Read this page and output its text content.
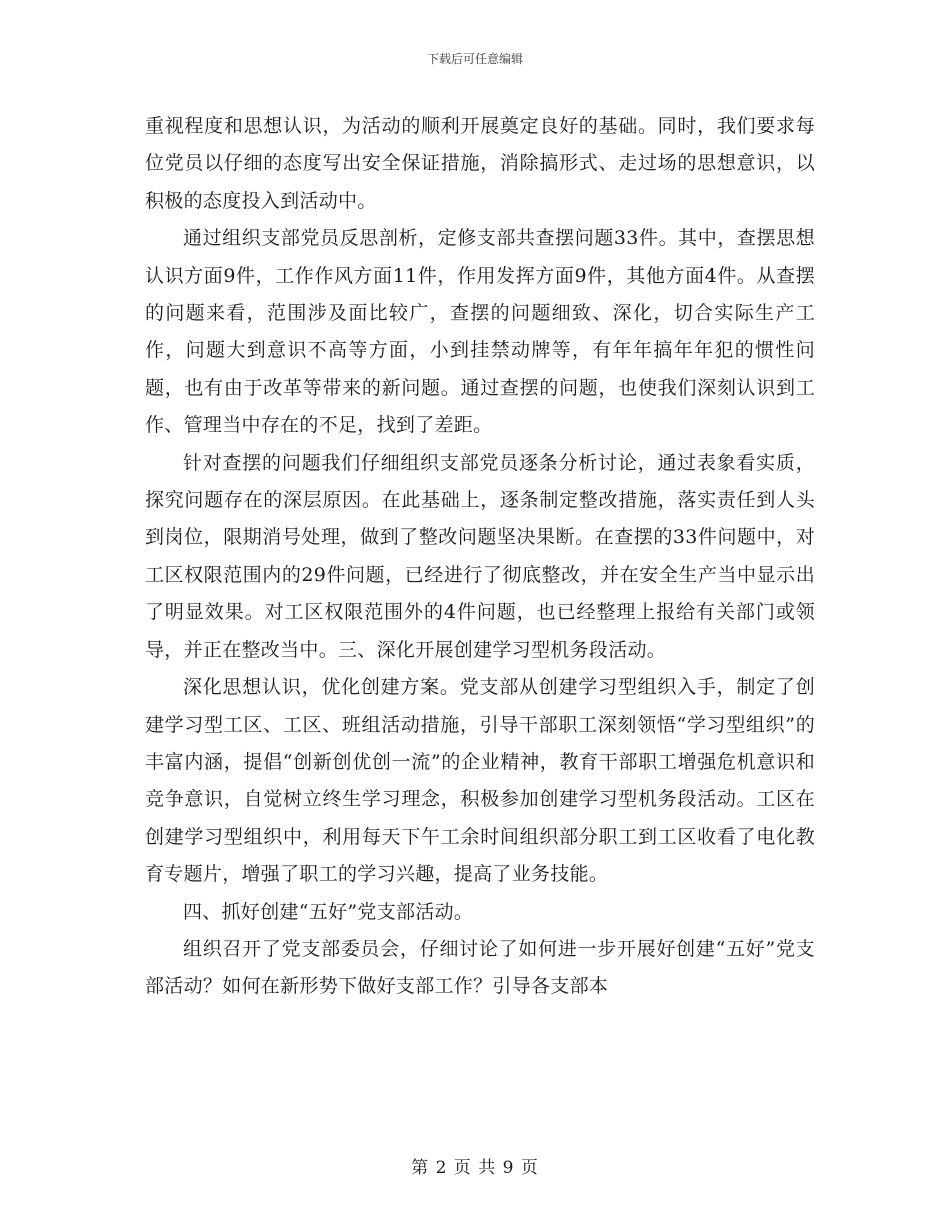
下载后可任意编辑

重视程度和思想认识，为活动的顺利开展奠定良好的基础。同时，我们要求每位党员以仔细的态度写出安全保证措施，消除搞形式、走过场的思想意识，以积极的态度投入到活动中。

通过组织支部党员反思剖析，定修支部共查摆问题33件。其中，查摆思想认识方面9件，工作作风方面11件，作用发挥方面9件，其他方面4件。从查摆的问题来看，范围涉及面比较广，查摆的问题细致、深化，切合实际生产工作，问题大到意识不高等方面，小到挂禁动牌等，有年年搞年年犯的惯性问题，也有由于改革等带来的新问题。通过查摆的问题，也使我们深刻认识到工作、管理当中存在的不足，找到了差距。

针对查摆的问题我们仔细组织支部党员逐条分析讨论，通过表象看实质，探究问题存在的深层原因。在此基础上，逐条制定整改措施，落实责任到人头到岗位，限期消号处理，做到了整改问题坚决果断。在查摆的33件问题中，对工区权限范围内的29件问题，已经进行了彻底整改，并在安全生产当中显示出了明显效果。对工区权限范围外的4件问题，也已经整理上报给有关部门或领导，并正在整改当中。三、深化开展创建学习型机务段活动。

深化思想认识，优化创建方案。党支部从创建学习型组织入手，制定了创建学习型工区、工区、班组活动措施，引导干部职工深刻领悟“学习型组织”的丰富内涵，提倡“创新创优创一流”的企业精神，教育干部职工增强危机意识和竞争意识，自觉树立终生学习理念，积极参加创建学习型机务段活动。工区在创建学习型组织中，利用每天下午工余时间组织部分职工到工区收看了电化教育专题片，增强了职工的学习兴趣，提高了业务技能。

四、抓好创建“五好”党支部活动。

组织召开了党支部委员会，仔细讨论了如何进一步开展好创建“五好”党支部活动？如何在新形势下做好支部工作？引导各支部本

第 2 页 共 9 页
